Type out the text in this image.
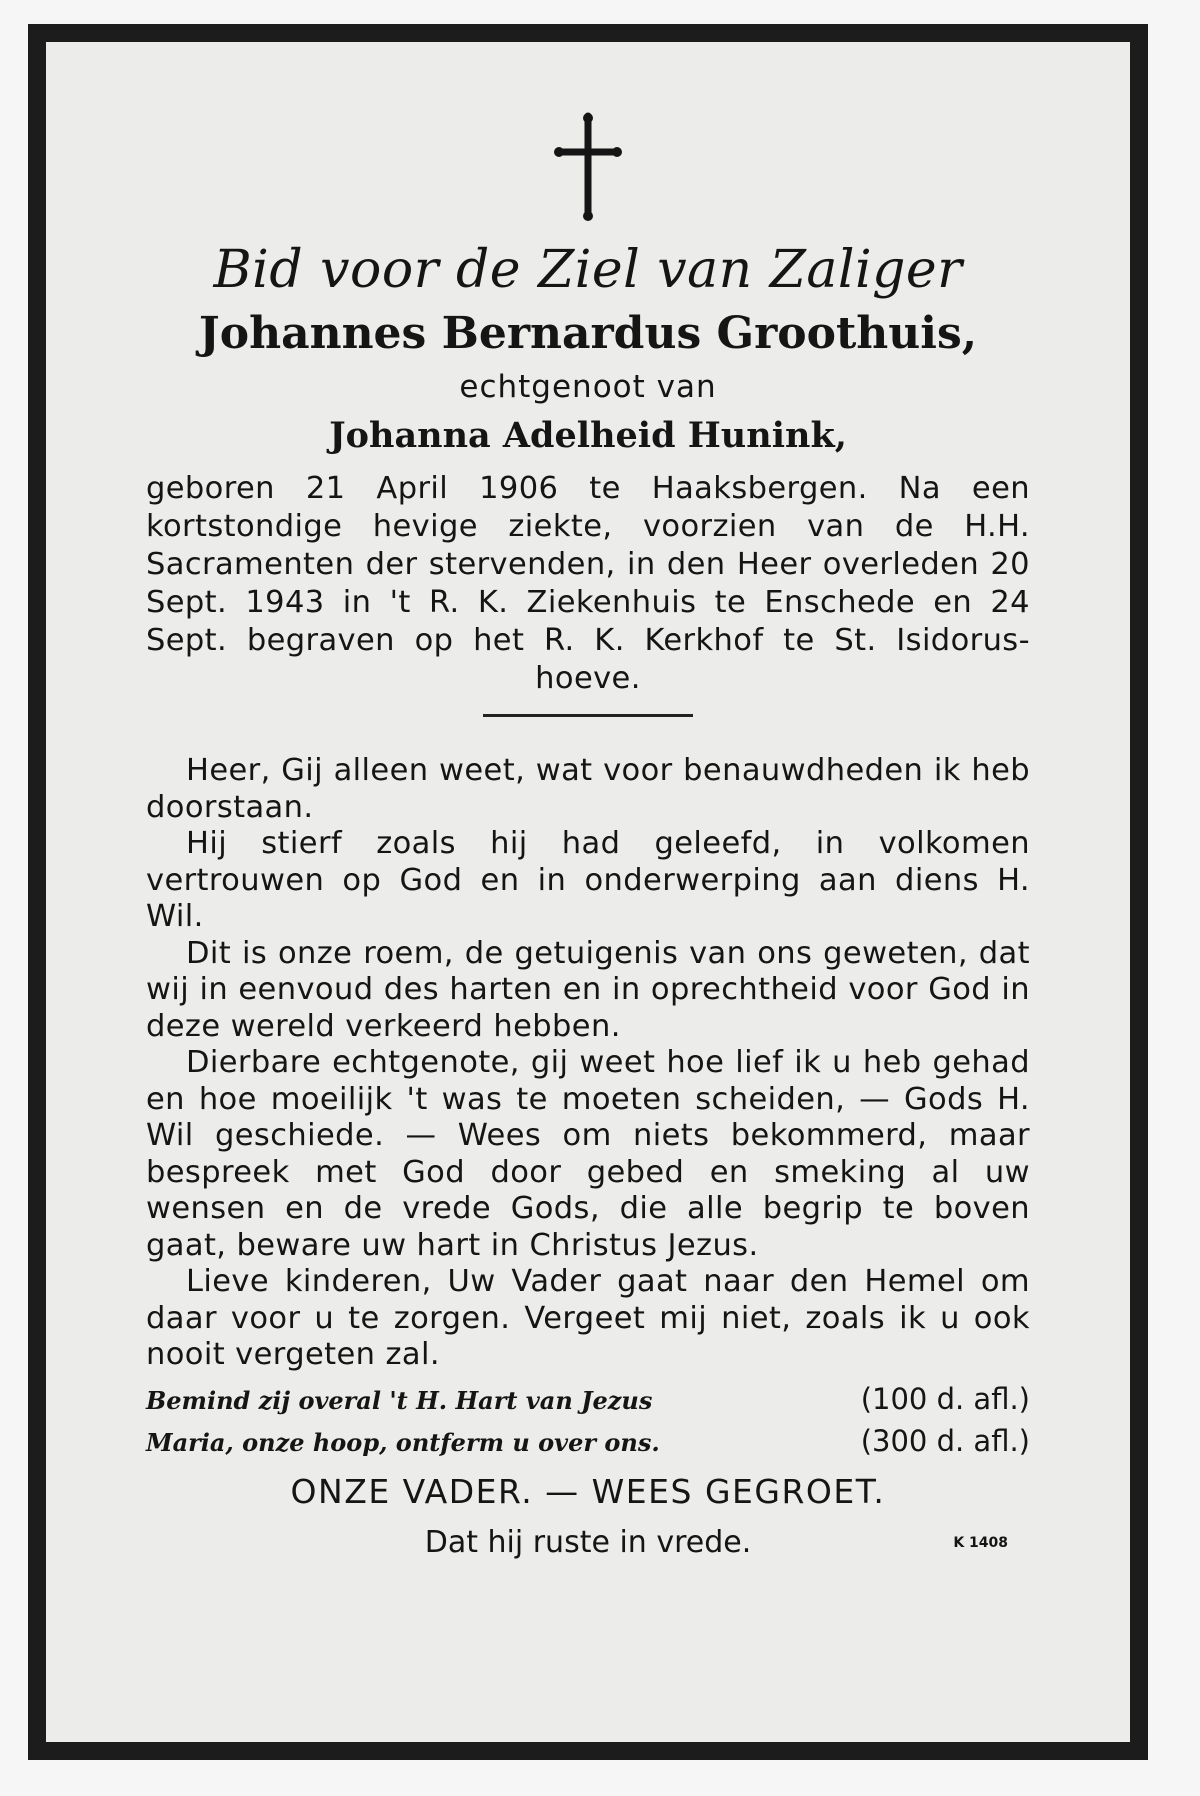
Bid voor de Ziel van Zaliger
Johannes Bernardus Groothuis,
echtgenoot van
Johanna Adelheid Hunink,
geboren 21 April 1906 te Haaksbergen. Na een kortstondige hevige ziekte, voorzien van de H.H. Sacramenten der stervenden, in den Heer overleden 20 Sept. 1943 in 't R. K. Ziekenhuis te Enschede en 24 Sept. begraven op het R. K. Kerkhof te St. Isidorus-hoeve.

Heer, Gij alleen weet, wat voor benauwdheden ik heb doorstaan.

Hij stierf zoals hij had geleefd, in volkomen vertrouwen op God en in onderwerping aan diens H. Wil.

Dit is onze roem, de getuigenis van ons geweten, dat wij in eenvoud des harten en in oprechtheid voor God in deze wereld verkeerd hebben.

Dierbare echtgenote, gij weet hoe lief ik u heb gehad en hoe moeilijk 't was te moeten scheiden, — Gods H. Wil geschiede. — Wees om niets bekommerd, maar bespreek met God door gebed en smeking al uw wensen en de vrede Gods, die alle begrip te boven gaat, beware uw hart in Christus Jezus.

Lieve kinderen, Uw Vader gaat naar den Hemel om daar voor u te zorgen. Vergeet mij niet, zoals ik u ook nooit vergeten zal.

Bemind zij overal 't H. Hart van Jezus	(100 d. afl.)
Maria, onze hoop, ontferm u over ons.	(300 d. afl.)
ONZE VADER. — WEES GEGROET.
Dat hij ruste in vrede.	K 1408
